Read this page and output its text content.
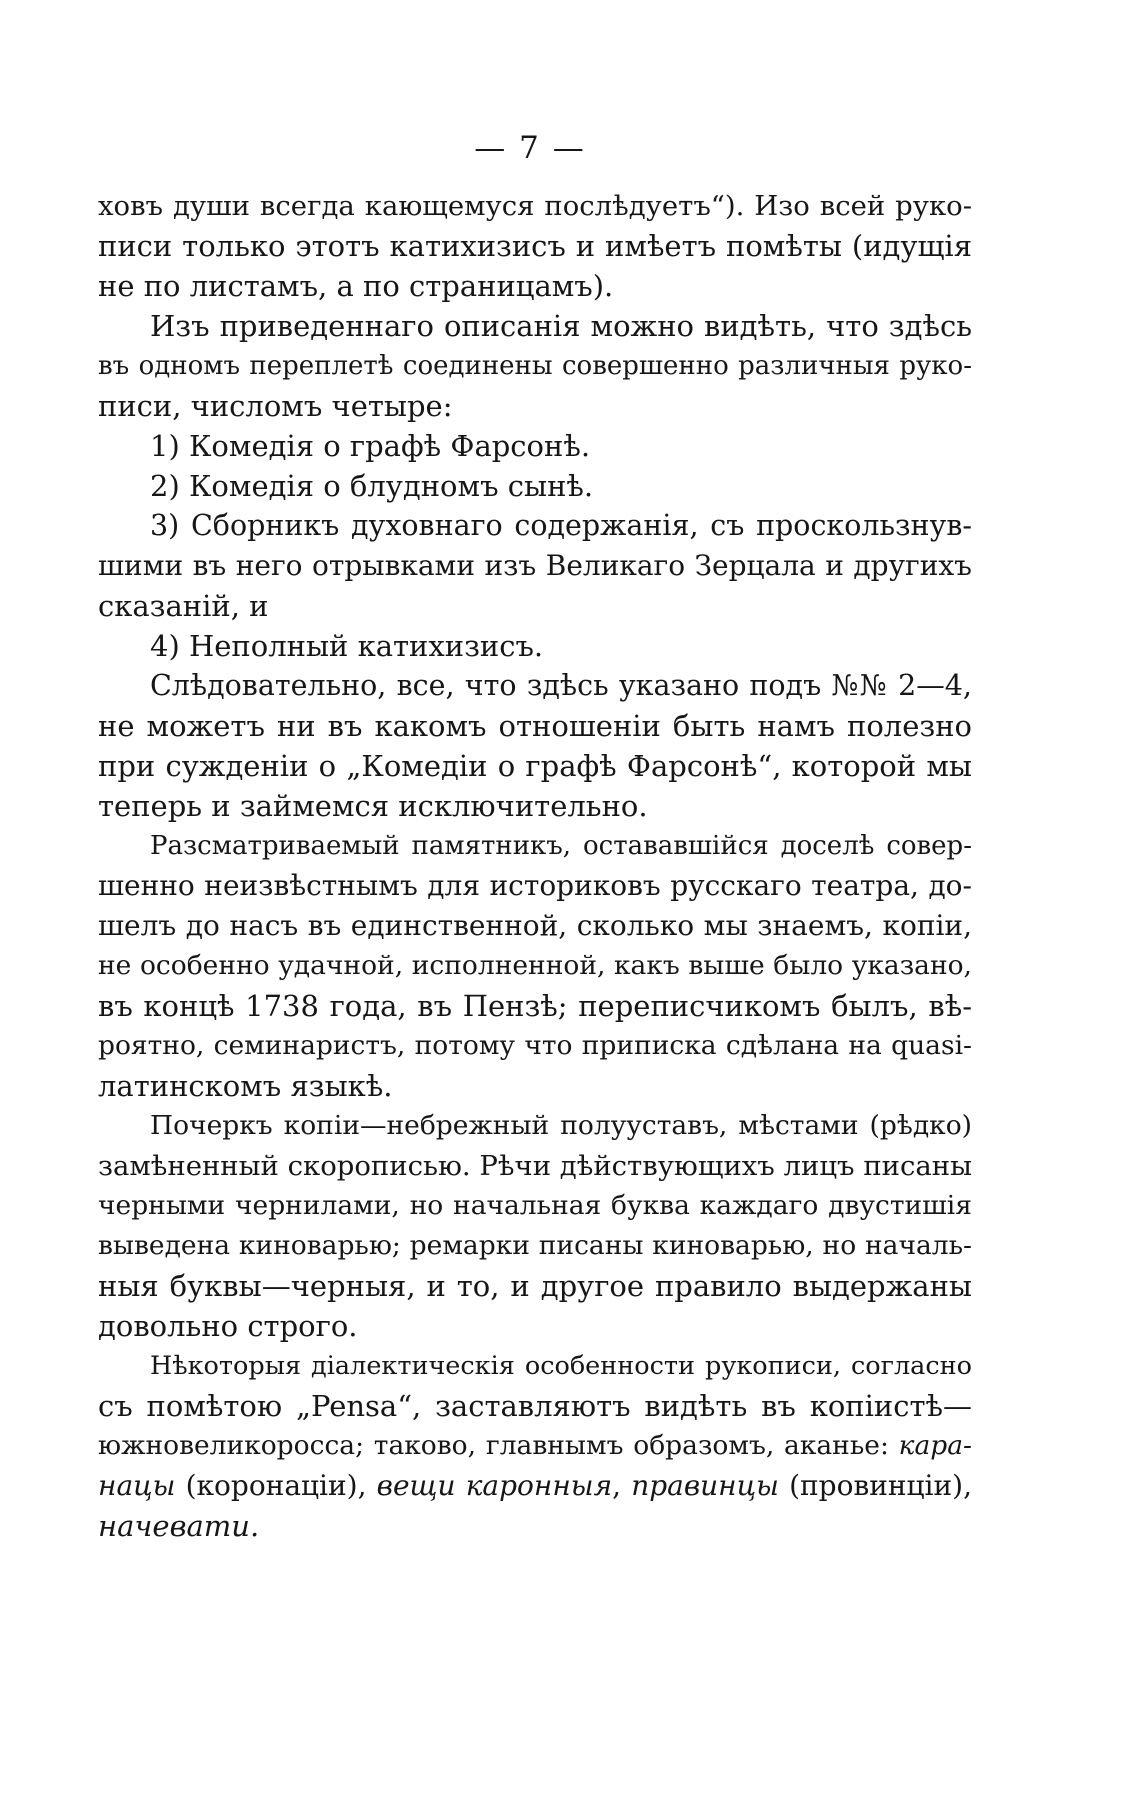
— 7 —
ховъ души всегда кающемуся послѣдуетъ“). Изо всей руко-
писи только этотъ катихизисъ и имѣетъ помѣты (идущія
не по листамъ, а по страницамъ).
Изъ приведеннаго описанія можно видѣть, что здѣсь
въ одномъ переплетѣ соединены совершенно различныя руко-
писи, числомъ четыре:
1) Комедія о графѣ Фарсонѣ.
2) Комедія о блудномъ сынѣ.
3) Сборникъ духовнаго содержанія, съ проскользнув-
шими въ него отрывками изъ Великаго Зерцала и другихъ
сказаній, и
4) Неполный катихизисъ.
Слѣдовательно, все, что здѣсь указано подъ №№ 2—4,
не можетъ ни въ какомъ отношеніи быть намъ полезно
при сужденіи о „Комедіи о графѣ Фарсонѣ“, которой мы
теперь и займемся исключительно.
Разсматриваемый памятникъ, остававшійся доселѣ совер-
шенно неизвѣстнымъ для историковъ русскаго театра, до-
шелъ до насъ въ единственной, сколько мы знаемъ, копіи,
не особенно удачной, исполненной, какъ выше было указано,
въ концѣ 1738 года, въ Пензѣ; переписчикомъ былъ, вѣ-
роятно, семинаристъ, потому что приписка сдѣлана на quasi-
латинскомъ языкѣ.
Почеркъ копіи—небрежный полууставъ, мѣстами (рѣдко)
замѣненный скорописью. Рѣчи дѣйствующихъ лицъ писаны
черными чернилами, но начальная буква каждаго двустишія
выведена киноварью; ремарки писаны киноварью, но началь-
ныя буквы—черныя, и то, и другое правило выдержаны
довольно строго.
Нѣкоторыя діалектическія особенности рукописи, согласно
съ помѣтою „Pensa“, заставляютъ видѣть въ копіистѣ—
южновеликоросса; таково, главнымъ образомъ, аканье: карa-
нацы (коронаціи), вещи каронныя, правинцы (провинціи),
начевати.
